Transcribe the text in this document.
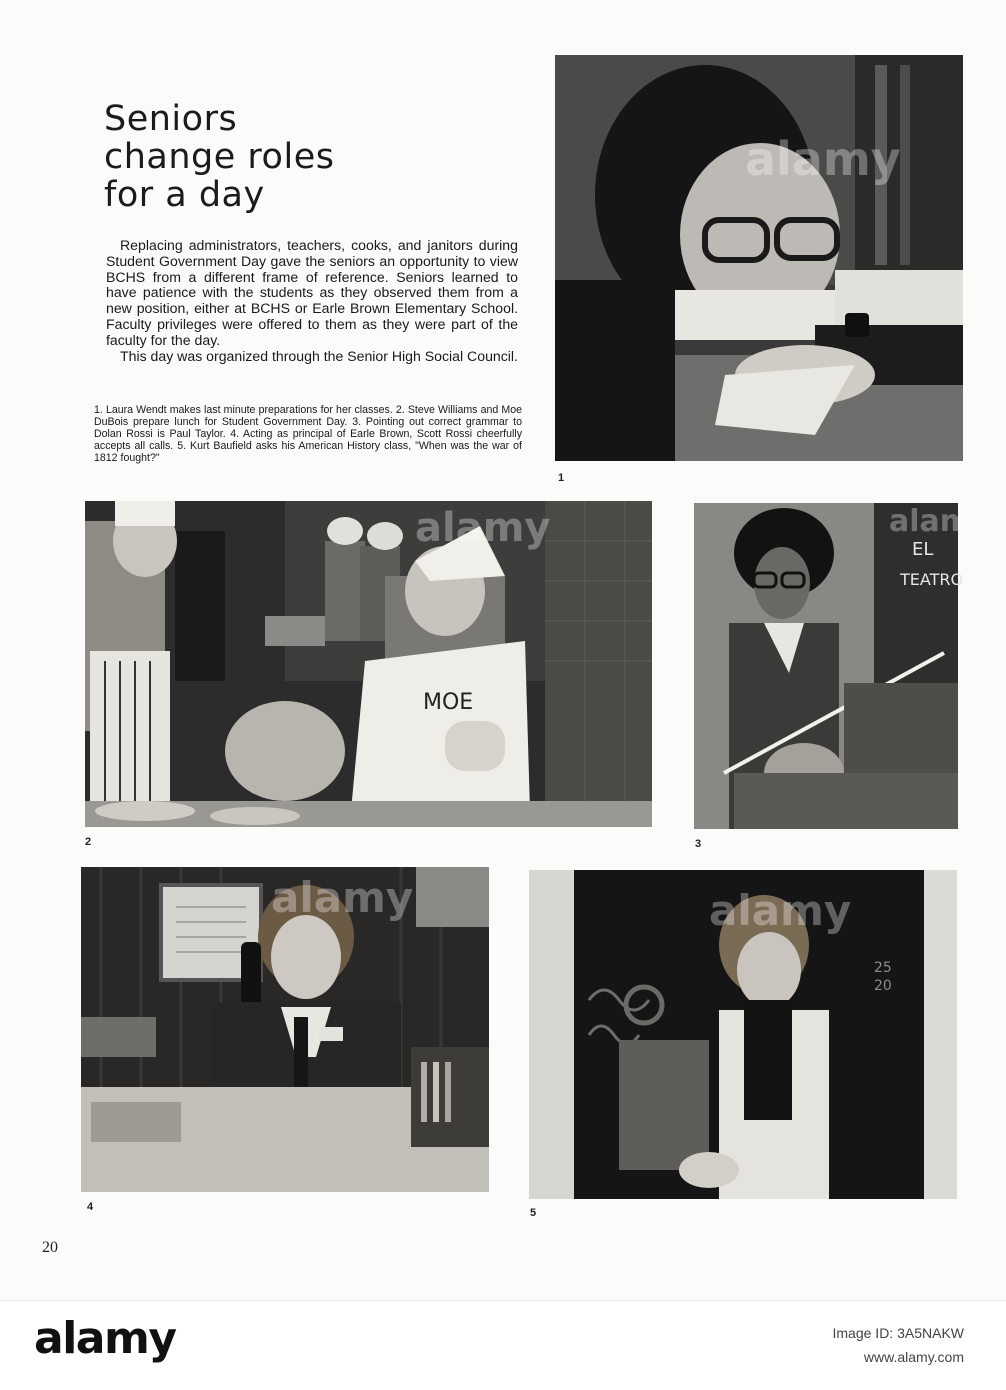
Seniors
change roles
for a day

Replacing administrators, teachers, cooks, and janitors during Student Government Day gave the seniors an opportunity to view BCHS from a different frame of reference. Seniors learned to have patience with the students as they observed them from a new position, either at BCHS or Earle Brown Elementary School. Faculty privileges were offered to them as they were part of the faculty for the day.

This day was organized through the Senior High Social Council.

1. Laura Wendt makes last minute preparations for her classes. 2. Steve Williams and Moe DuBois prepare lunch for Student Government Day. 3. Pointing out correct grammar to Dolan Rossi is Paul Taylor. 4. Acting as principal of Earle Brown, Scott Rossi cheerfully accepts all calls. 5. Kurt Baufield asks his American History class, "When was the war of 1812 fought?"
alamy
1
MOE
alamy
2
EL
TEATRO
alamy
3
alamy
4
25
20
alamy
5
20
alamy	Image ID: 3A5NAKW
www.alamy.com
